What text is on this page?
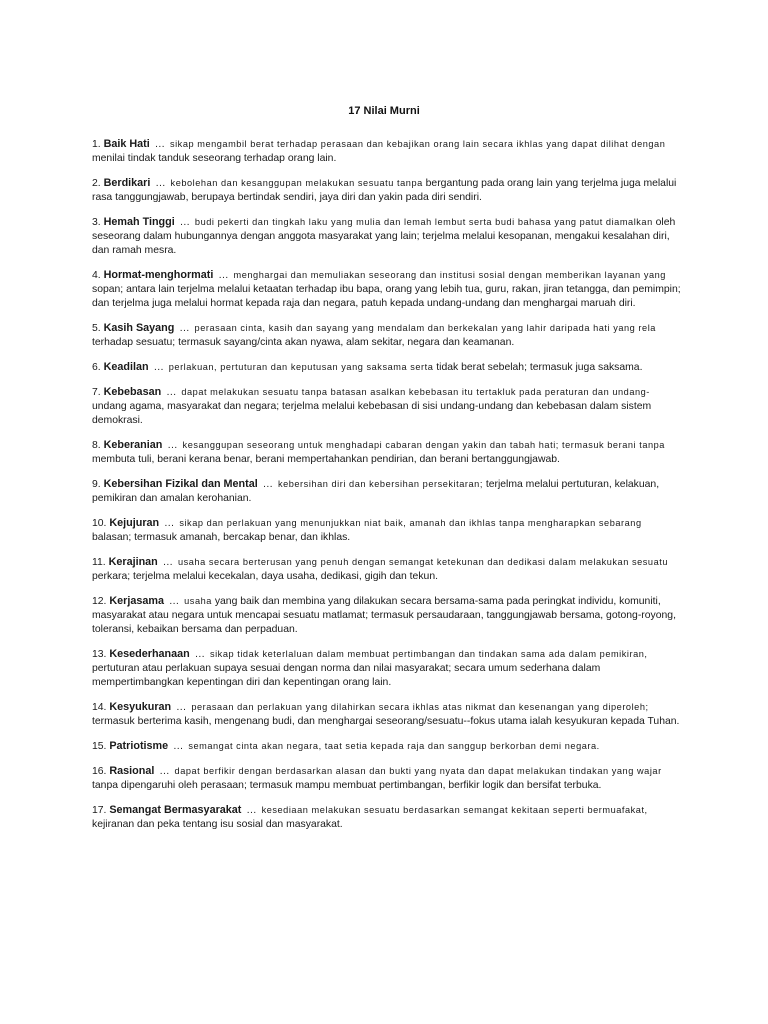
17 Nilai Murni

1. Baik Hati … sikap mengambil berat terhadap perasaan dan kebajikan orang lain secara ikhlas yang dapat dilihat dengan menilai tindak tanduk seseorang terhadap orang lain.

2. Berdikari … kebolehan dan kesanggupan melakukan sesuatu tanpa bergantung pada orang lain yang terjelma juga melalui rasa tanggungjawab, berupaya bertindak sendiri, jaya diri dan yakin pada diri sendiri.

3. Hemah Tinggi … budi pekerti dan tingkah laku yang mulia dan lemah lembut serta budi bahasa yang patut diamalkan oleh seseorang dalam hubungannya dengan anggota masyarakat yang lain; terjelma melalui kesopanan, mengakui kesalahan diri, dan ramah mesra.

4. Hormat-menghormati … menghargai dan memuliakan seseorang dan institusi sosial dengan memberikan layanan yang sopan; antara lain terjelma melalui ketaatan terhadap ibu bapa, orang yang lebih tua, guru, rakan, jiran tetangga, dan pemimpin; dan terjelma juga melalui hormat kepada raja dan negara, patuh kepada undang-undang dan menghargai maruah diri.

5. Kasih Sayang … perasaan cinta, kasih dan sayang yang mendalam dan berkekalan yang lahir daripada hati yang rela terhadap sesuatu; termasuk sayang/cinta akan nyawa, alam sekitar, negara dan keamanan.

6. Keadilan … perlakuan, pertuturan dan keputusan yang saksama serta tidak berat sebelah; termasuk juga saksama.

7. Kebebasan … dapat melakukan sesuatu tanpa batasan asalkan kebebasan itu tertakluk pada peraturan dan undang- undang agama, masyarakat dan negara; terjelma melalui kebebasan di sisi undang-undang dan kebebasan dalam sistem demokrasi.

8. Keberanian … kesanggupan seseorang untuk menghadapi cabaran dengan yakin dan tabah hati; termasuk berani tanpa membuta tuli, berani kerana benar, berani mempertahankan pendirian, dan berani bertanggungjawab.

9. Kebersihan Fizikal dan Mental … kebersihan diri dan kebersihan persekitaran; terjelma melalui pertuturan, kelakuan, pemikiran dan amalan kerohanian.

10. Kejujuran … sikap dan perlakuan yang menunjukkan niat baik, amanah dan ikhlas tanpa mengharapkan sebarang balasan; termasuk amanah, bercakap benar, dan ikhlas.

11. Kerajinan … usaha secara berterusan yang penuh dengan semangat ketekunan dan dedikasi dalam melakukan sesuatu perkara; terjelma melalui kecekalan, daya usaha, dedikasi, gigih dan tekun.

12. Kerjasama … usaha yang baik dan membina yang dilakukan secara bersama-sama pada peringkat individu, komuniti, masyarakat atau negara untuk mencapai sesuatu matlamat; termasuk persaudaraan, tanggungjawab bersama, gotong-royong, toleransi, kebaikan bersama dan perpaduan.

13. Kesederhanaan … sikap tidak keterlaluan dalam membuat pertimbangan dan tindakan sama ada dalam pemikiran, pertuturan atau perlakuan supaya sesuai dengan norma dan nilai masyarakat; secara umum sederhana dalam mempertimbangkan kepentingan diri dan kepentingan orang lain.

14. Kesyukuran … perasaan dan perlakuan yang dilahirkan secara ikhlas atas nikmat dan kesenangan yang diperoleh; termasuk berterima kasih, mengenang budi, dan menghargai seseorang/sesuatu--fokus utama ialah kesyukuran kepada Tuhan.

15. Patriotisme … semangat cinta akan negara, taat setia kepada raja dan sanggup berkorban demi negara.

16. Rasional … dapat berfikir dengan berdasarkan alasan dan bukti yang nyata dan dapat melakukan tindakan yang wajar tanpa dipengaruhi oleh perasaan; termasuk mampu membuat pertimbangan, berfikir logik dan bersifat terbuka.

17. Semangat Bermasyarakat … kesediaan melakukan sesuatu berdasarkan semangat kekitaan seperti bermuafakat, kejiranan dan peka tentang isu sosial dan masyarakat.
